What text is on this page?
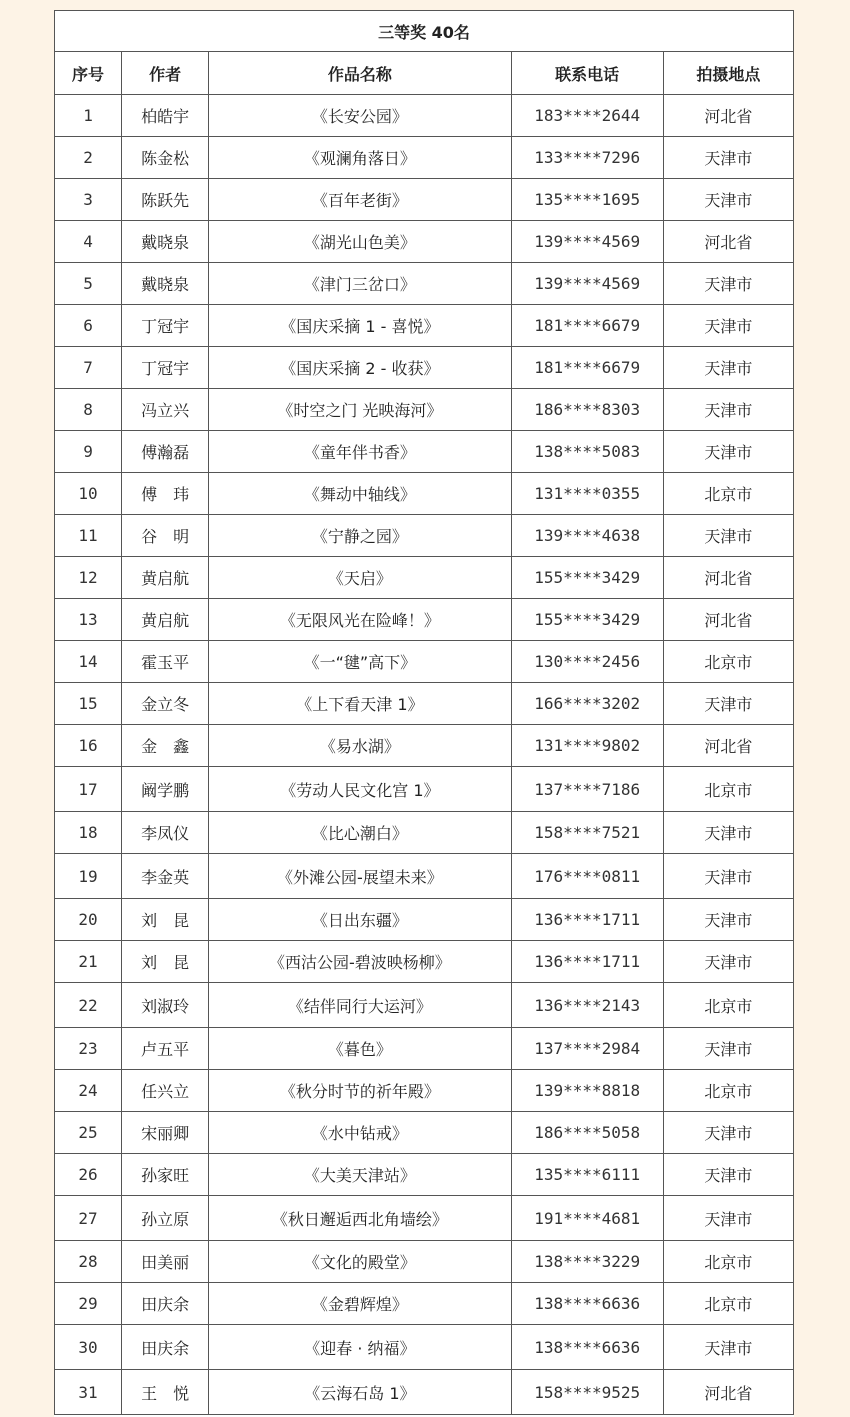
三等奖 40名				
序号	作者	作品名称	联系电话	拍摄地点
1	柏皓宇	《长安公园》	183****2644	河北省
2	陈金松	《观澜角落日》	133****7296	天津市
3	陈跃先	《百年老街》	135****1695	天津市
4	戴晓泉	《湖光山色美》	139****4569	河北省
5	戴晓泉	《津门三岔口》	139****4569	天津市
6	丁冠宇	《国庆采摘 1 - 喜悦》	181****6679	天津市
7	丁冠宇	《国庆采摘 2 - 收获》	181****6679	天津市
8	冯立兴	《时空之门 光映海河》	186****8303	天津市
9	傅瀚磊	《童年伴书香》	138****5083	天津市
10	傅　玮	《舞动中轴线》	131****0355	北京市
11	谷　明	《宁静之园》	139****4638	天津市
12	黄启航	《天启》	155****3429	河北省
13	黄启航	《无限风光在险峰！》	155****3429	河北省
14	霍玉平	《一“毽”高下》	130****2456	北京市
15	金立冬	《上下看天津 1》	166****3202	天津市
16	金　鑫	《易水湖》	131****9802	河北省
17	阚学鹏	《劳动人民文化宫 1》	137****7186	北京市
18	李凤仪	《比心潮白》	158****7521	天津市
19	李金英	《外滩公园-展望未来》	176****0811	天津市
20	刘　昆	《日出东疆》	136****1711	天津市
21	刘　昆	《西沽公园-碧波映杨柳》	136****1711	天津市
22	刘淑玲	《结伴同行大运河》	136****2143	北京市
23	卢五平	《暮色》	137****2984	天津市
24	任兴立	《秋分时节的祈年殿》	139****8818	北京市
25	宋丽卿	《水中钻戒》	186****5058	天津市
26	孙家旺	《大美天津站》	135****6111	天津市
27	孙立原	《秋日邂逅西北角墙绘》	191****4681	天津市
28	田美丽	《文化的殿堂》	138****3229	北京市
29	田庆余	《金碧辉煌》	138****6636	北京市
30	田庆余	《迎春 · 纳福》	138****6636	天津市
31	王　悦	《云海石岛 1》	158****9525	河北省
